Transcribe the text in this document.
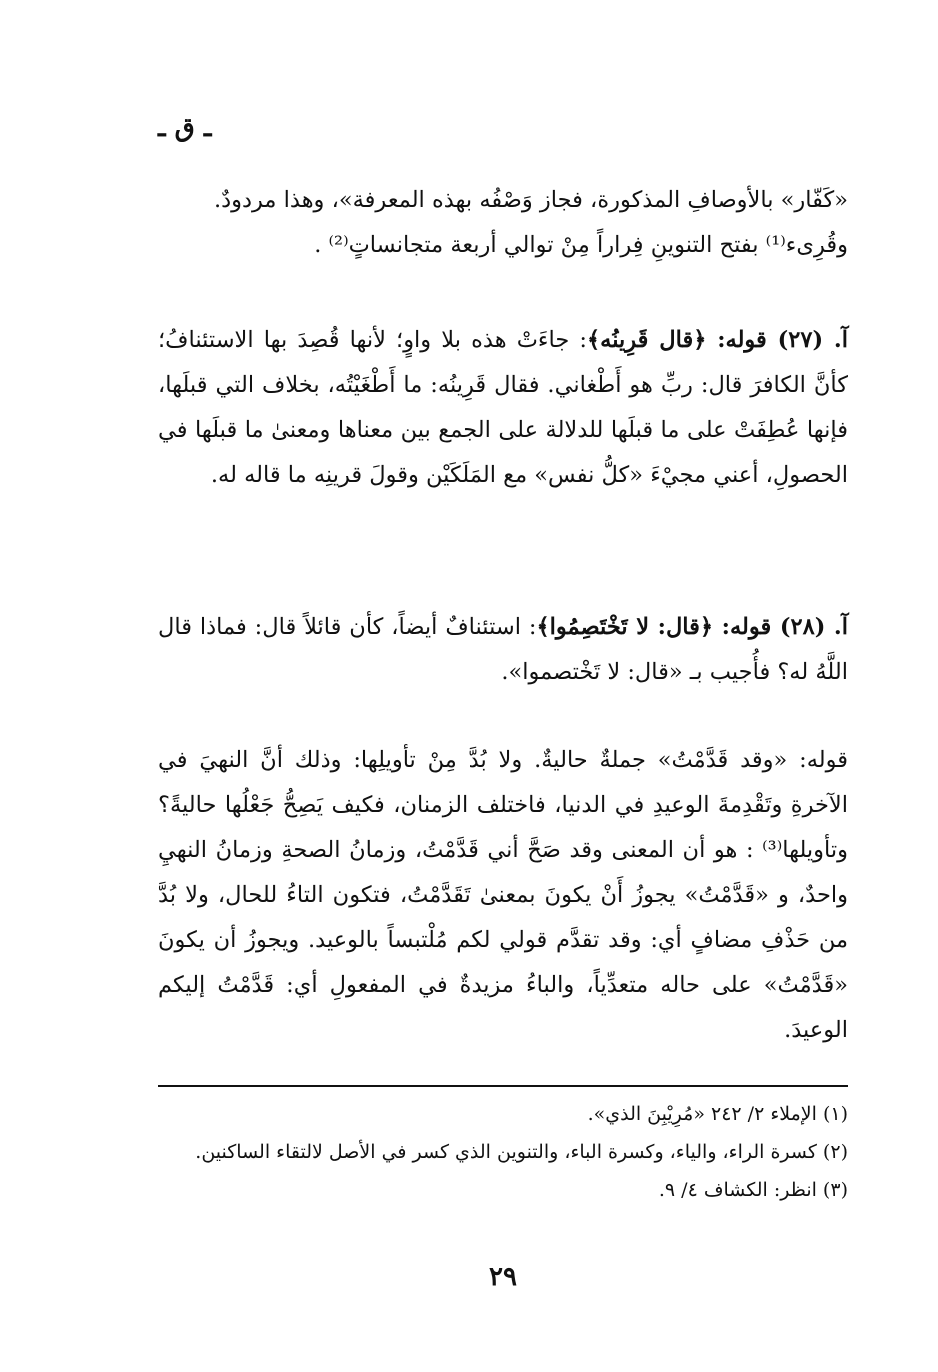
ـ ق ـ

«كَفّار» بالأوصافِ المذكورة، فجاز وَصْفُه بهذه المعرفة»، وهذا مردودٌ.

وقُرِىء⁽¹⁾ بفتح التنوينِ فِراراً مِنْ توالي أربعة متجانساتٍ⁽²⁾ .

آ. (٢٧) قوله: ﴿قال قَرِينُه﴾: جاءَتْ هذه بلا واوٍ؛ لأنها قُصِدَ بها الاستئنافُ؛ كأنَّ الكافرَ قال: ربِّ هو أَطْغاني. فقال قَرِينُه: ما أَطْغَيْتُه، بخلاف التي قبلَها، فإنها عُطِفَتْ على ما قبلَها للدلالة على الجمع بين معناها ومعنىٰ ما قبلَها في الحصولِ، أعني مجيْءَ «كلُّ نفس» مع المَلَكَيْن وقولَ قرينِه ما قاله له.

آ. (٢٨) قوله: ﴿قال: لا تَخْتَصِمُوا﴾: استئنافٌ أيضاً، كأن قائلاً قال: فماذا قال اللَّهُ له؟ فأُجيب بـ «قال: لا تَخْتصموا».

قوله: «وقد قَدَّمْتُ» جملةٌ حاليةٌ. ولا بُدَّ مِنْ تأويلِها: وذلك أنَّ النهيَ في الآخرةِ وتَقْدِمةَ الوعيدِ في الدنيا، فاختلف الزمنان، فكيف يَصِحُّ جَعْلُها حاليةً؟ وتأويلها⁽³⁾ : هو أن المعنى وقد صَحَّ أني قَدَّمْتُ، وزمانُ الصحةِ وزمانُ النهيِ واحدٌ، و «قَدَّمْتُ» يجوزُ أَنْ يكونَ بمعنىٰ تَقَدَّمْتُ، فتكون التاءُ للحال، ولا بُدَّ من حَذْفِ مضافٍ أي: وقد تقدَّم قولي لكم مُلْتبساً بالوعيد. ويجوزُ أن يكونَ «قَدَّمْتُ» على حاله متعدِّياً، والباءُ مزيدةٌ في المفعولِ أي: قَدَّمْتُ إليكم الوعيدَ.

(١) الإملاء ٢/ ٢٤٢ «مُرِيْبِنَ الذي».

(٢) كسرة الراء، والياء، وكسرة الباء، والتنوين الذي كسر في الأصل لالتقاء الساكنين.

(٣) انظر: الكشاف ٤/ ٩.

٢٩
